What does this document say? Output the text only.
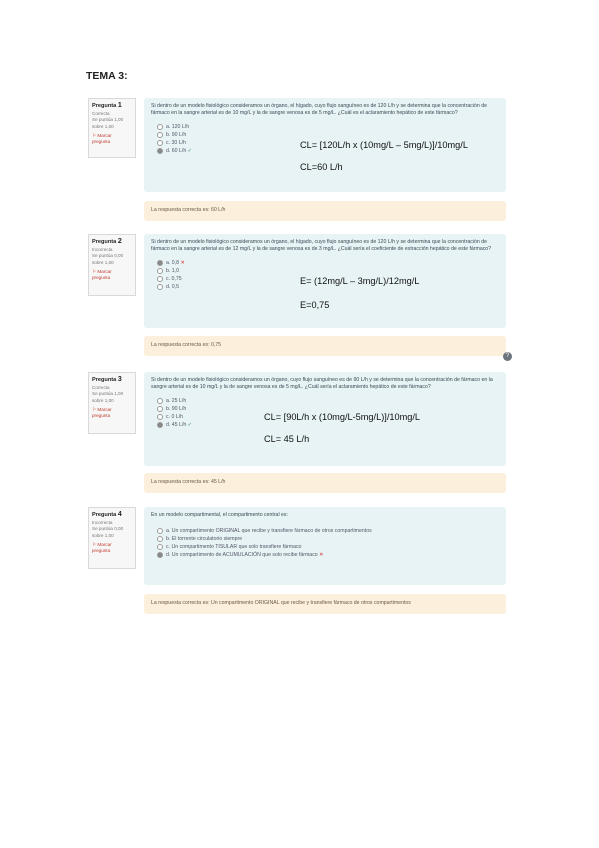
TEMA 3:
Pregunta 1
Correcta
Se puntúa 1,00 sobre 1,00
⚐ Marcar
pregunta
Si dentro de un modelo fisiológico consideramos un órgano, el hígado, cuyo flujo sanguíneo es de 120 L/h y se determina que la concentración de fármaco en la sangre arterial es de 10 mg/L y la de sangre venosa es de 5 mg/L. ¿Cuál es el aclaramiento hepático de este fármaco?
a. 120 L/h
b. 90 L/h
c. 30 L/h
d. 60 L/h ✓
CL= [120L/h x (10mg/L – 5mg/L)]/10mg/L
CL=60 L/h
La respuesta correcta es: 60 L/h
Pregunta 2
Incorrecta
Se puntúa 0,00 sobre 1,00
⚐ Marcar
pregunta
Si dentro de un modelo fisiológico consideramos un órgano, el hígado, cuyo flujo sanguíneo es de 120 L/h y se determina que la concentración de fármaco en la sangre arterial es de 12 mg/L y la de sangre venosa es de 3 mg/L. ¿Cuál sería el coeficiente de extracción hepático de este fármaco?
a. 0,8 ✕
b. 1,0
c. 0,75
d. 0,5
E= (12mg/L – 3mg/L)/12mg/L
E=0,75
La respuesta correcta es: 0,75
?
Pregunta 3
Correcta
Se puntúa 1,00 sobre 1,00
⚐ Marcar
pregunta
Si dentro de un modelo fisiológico consideramos un órgano, cuyo flujo sanguíneo es de 90 L/h y se determina que la concentración de fármaco en la sangre arterial es de 10 mg/L y la de sangre venosa es de 5 mg/L. ¿Cuál sería el aclaramiento hepático de este fármaco?
a. 25 L/h
b. 90 L/h
c. 0 L/h
d. 45 L/h ✓
CL= [90L/h x (10mg/L-5mg/L)]/10mg/L
CL= 45 L/h
La respuesta correcta es: 45 L/h
Pregunta 4
Incorrecta
Se puntúa 0,00 sobre 1,00
⚐ Marcar
pregunta
En un modelo compartimental, el compartimento central es:
a. Un compartimento ORIGINAL que recibe y transfiere fármaco de otros compartimentos
b. El torrente circulatorio siempre
c. Un compartimento TISULAR que solo transfiere fármaco
d. Un compartimento de ACUMULACIÓN que solo recibe fármaco ✕
La respuesta correcta es: Un compartimento ORIGINAL que recibe y transfiere fármaco de otros compartimentos
